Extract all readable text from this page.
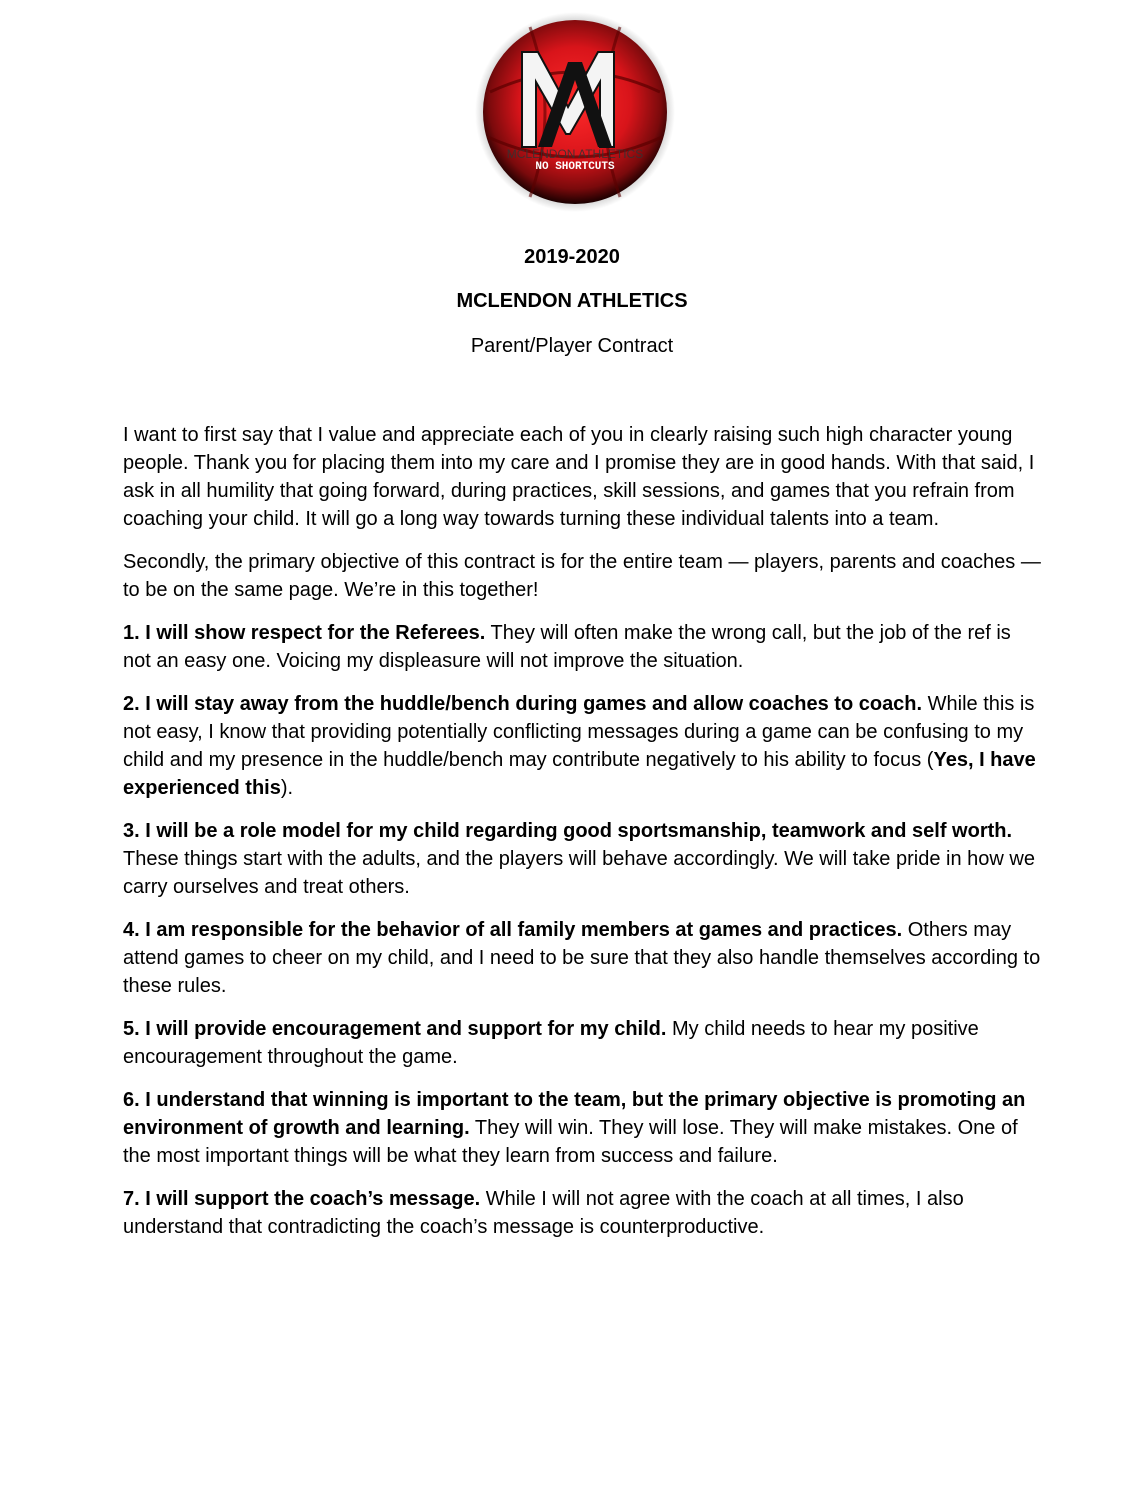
MCLENDON ATHLETICS
NO SHORTCUTS
2019-2020
MCLENDON ATHLETICS
Parent/Player Contract

I want to first say that I value and appreciate each of you in clearly raising such high character young people. Thank you for placing them into my care and I promise they are in good hands. With that said, I ask in all humility that going forward, during practices, skill sessions, and games that you refrain from coaching your child. It will go a long way towards turning these individual talents into a team.

Secondly, the primary objective of this contract is for the entire team — players, parents and coaches — to be on the same page. We’re in this together!

1. I will show respect for the Referees. They will often make the wrong call, but the job of the ref is not an easy one. Voicing my displeasure will not improve the situation.

2. I will stay away from the huddle/bench during games and allow coaches to coach. While this is not easy, I know that providing potentially conflicting messages during a game can be confusing to my child and my presence in the huddle/bench may contribute negatively to his ability to focus (Yes, I have experienced this).

3. I will be a role model for my child regarding good sportsmanship, teamwork and self worth. These things start with the adults, and the players will behave accordingly. We will take pride in how we carry ourselves and treat others.

4. I am responsible for the behavior of all family members at games and practices. Others may attend games to cheer on my child, and I need to be sure that they also handle themselves according to these rules.

5. I will provide encouragement and support for my child. My child needs to hear my positive encouragement throughout the game.

6. I understand that winning is important to the team, but the primary objective is promoting an environment of growth and learning. They will win. They will lose. They will make mistakes. One of the most important things will be what they learn from success and failure.

7. I will support the coach’s message. While I will not agree with the coach at all times, I also understand that contradicting the coach’s message is counterproductive.
